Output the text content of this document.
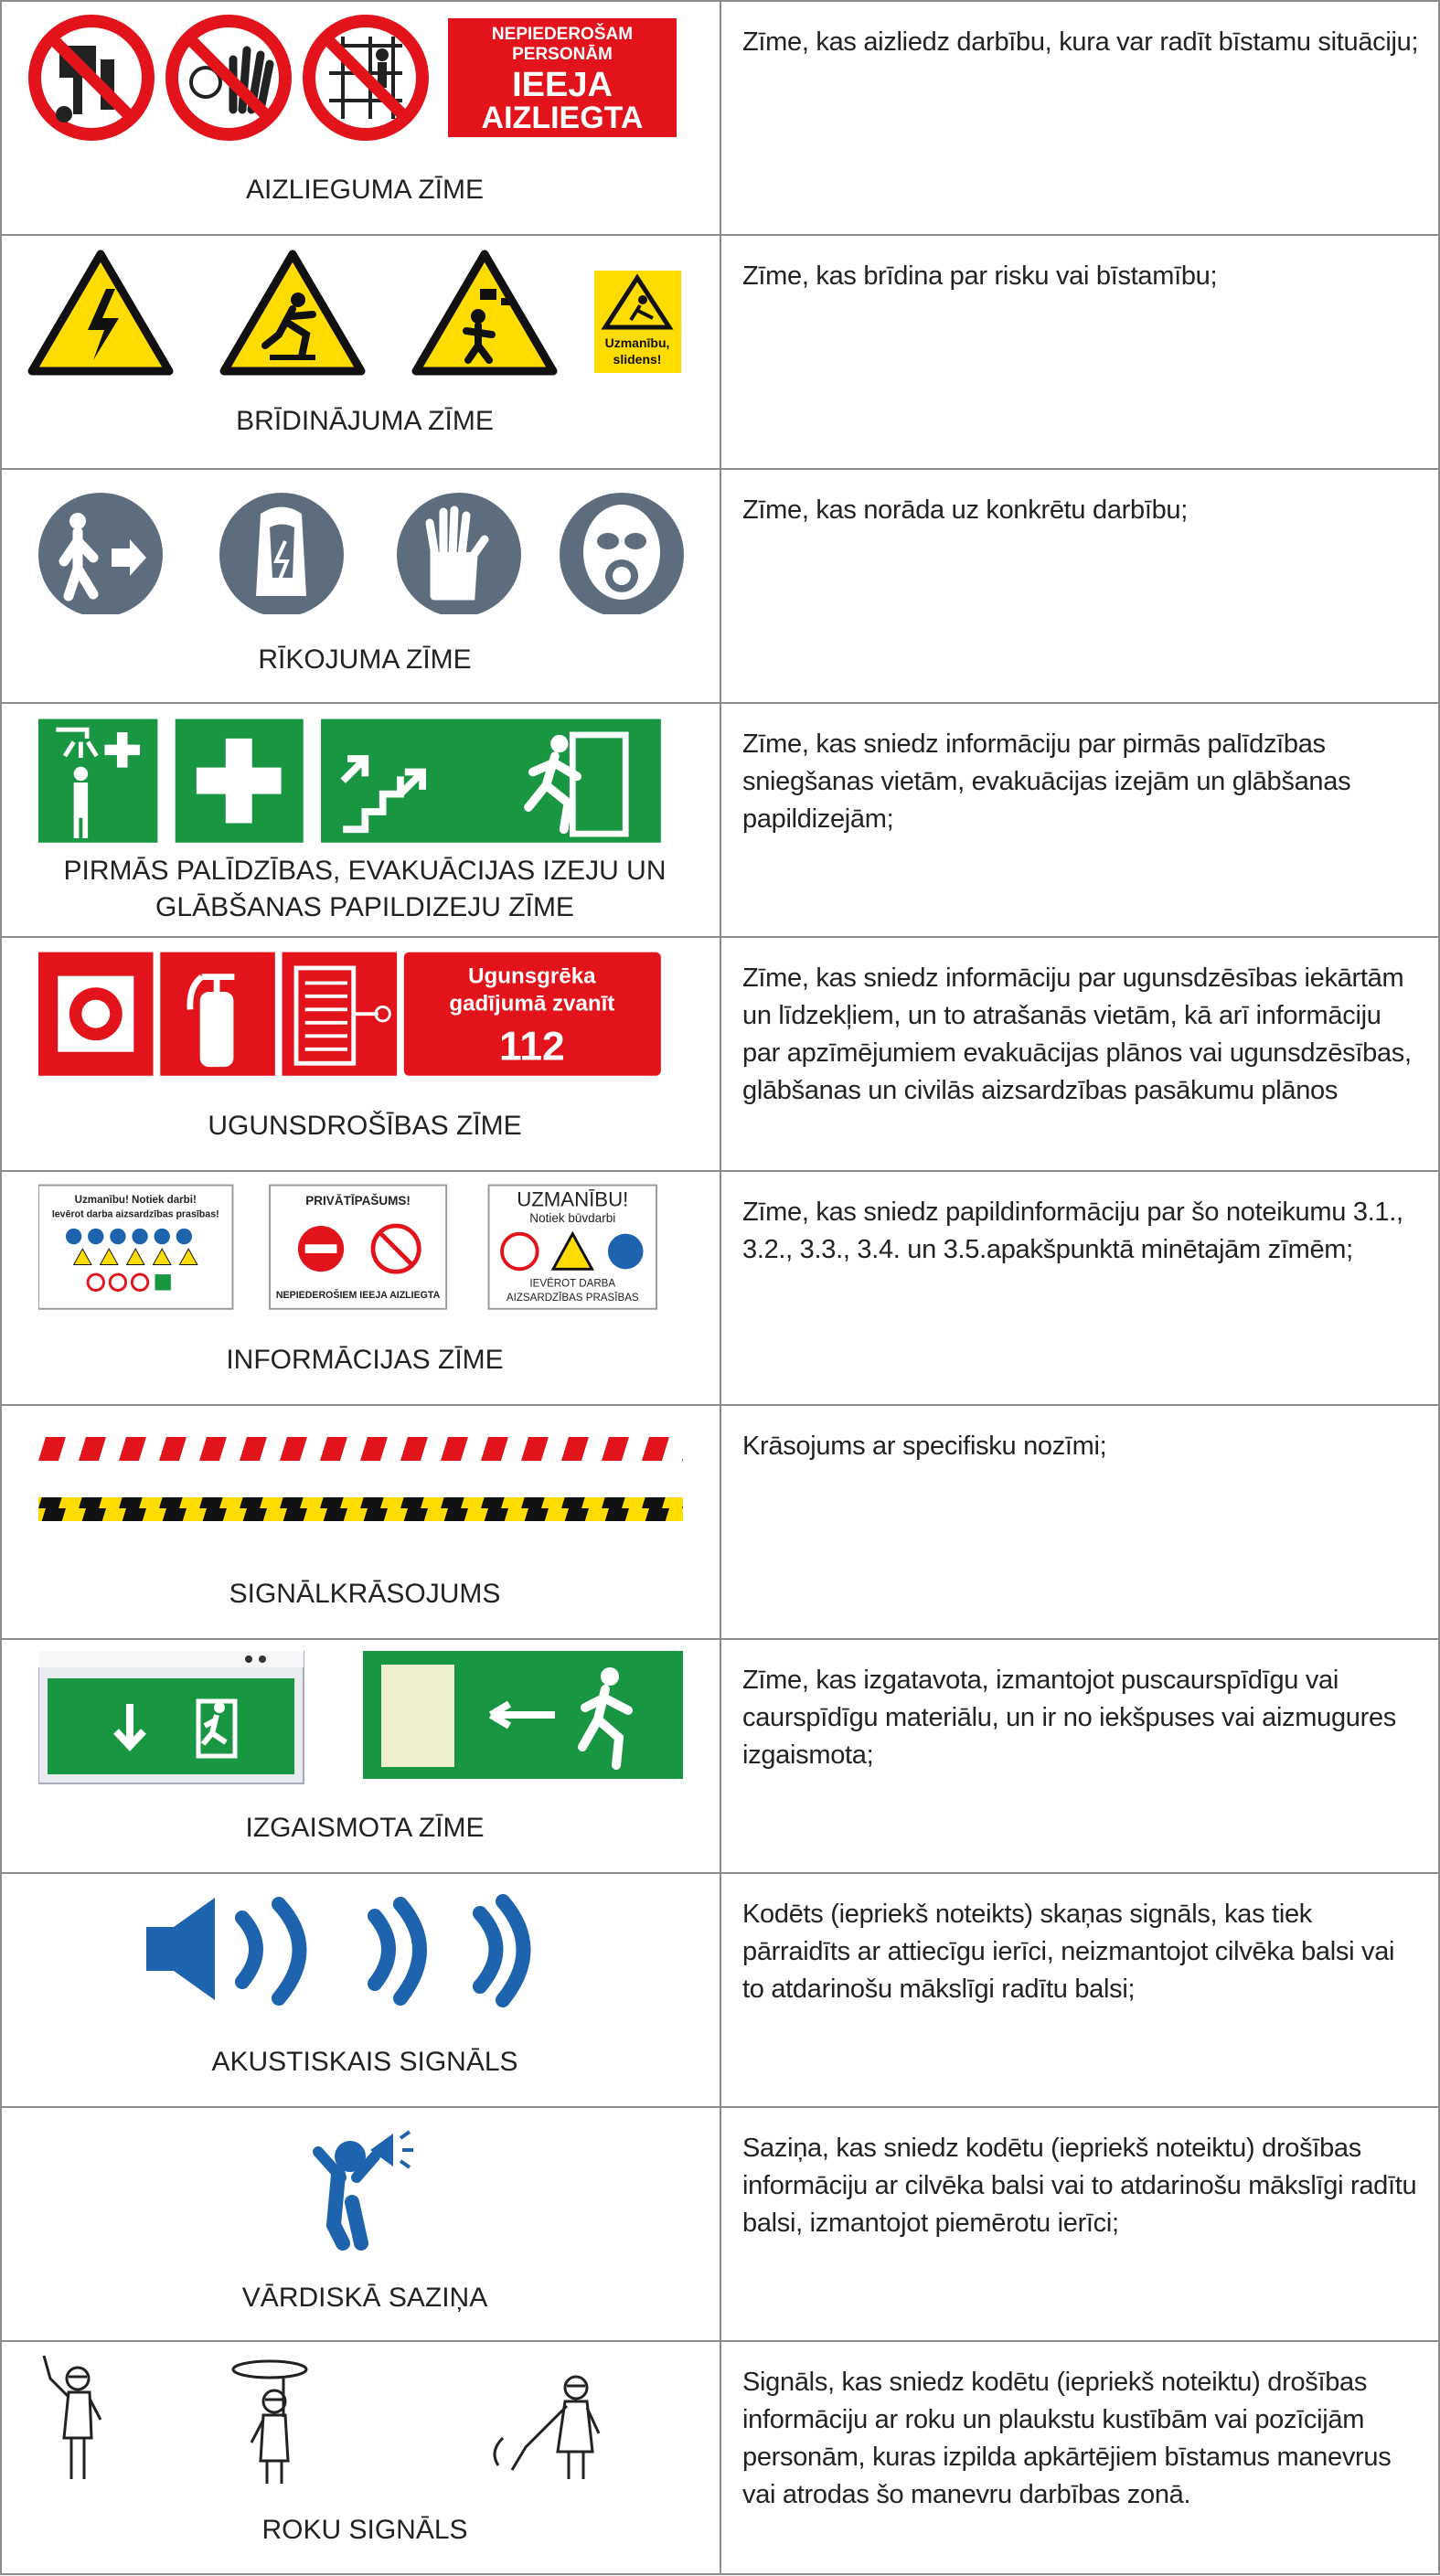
NEPIEDEROŠAM
PERSONĀM
IEEJA
AIZLIEGTA
AIZLIEGUMA ZĪME
Zīme, kas aizliedz darbību, kura var radīt bīstamu situāciju;
Uzmanību,
slidens!
BRĪDINĀJUMA ZĪME
Zīme, kas brīdina par risku vai bīstamību;
RĪKOJUMA ZĪME
Zīme, kas norāda uz konkrētu darbību;
PIRMĀS PALĪDZĪBAS, EVAKUĀCIJAS IZEJU UN GLĀBŠANAS PAPILDIZEJU ZĪME
Zīme, kas sniedz informāciju par pirmās palīdzības sniegšanas vietām, evakuācijas izejām un glābšanas papildizejām;
Ugunsgrēka
gadījumā zvanīt
112
UGUNSDROŠĪBAS ZĪME
Zīme, kas sniedz informāciju par ugunsdzēsības iekārtām un līdzekļiem, un to atrašanās vietām, kā arī informāciju par apzīmējumiem evakuācijas plānos vai ugunsdzēsības, glābšanas un civilās aizsardzības pasākumu plānos
Uzmanību! Notiek darbi!
Ievērot darba aizsardzības prasības!
PRIVĀTĪPAŠUMS!
NEPIEDEROŠIEM IEEJA AIZLIEGTA
UZMANĪBU!
Notiek būvdarbi
IEVĒROT DARBA
AIZSARDZĪBAS PRASĪBAS
INFORMĀCIJAS ZĪME
Zīme, kas sniedz papildinformāciju par šo noteikumu 3.1., 3.2., 3.3., 3.4. un 3.5.apakšpunktā minētajām zīmēm;
SIGNĀLKRĀSOJUMS
Krāsojums ar specifisku nozīmi;
IZGAISMOTA ZĪME
Zīme, kas izgatavota, izmantojot puscaurspīdīgu vai caurspīdīgu materiālu, un ir no iekšpuses vai aizmugures izgaismota;
AKUSTISKAIS SIGNĀLS
Kodēts (iepriekš noteikts) skaņas signāls, kas tiek pārraidīts ar attiecīgu ierīci, neizmantojot cilvēka balsi vai to atdarinošu mākslīgi radītu balsi;
VĀRDISKĀ SAZIŅA
Saziņa, kas sniedz kodētu (iepriekš noteiktu) drošības informāciju ar cilvēka balsi vai to atdarinošu mākslīgi radītu balsi, izmantojot piemērotu ierīci;
ROKU SIGNĀLS
Signāls, kas sniedz kodētu (iepriekš noteiktu) drošības informāciju ar roku un plaukstu kustībām vai pozīcijām personām, kuras izpilda apkārtējiem bīstamus manevrus vai atrodas šo manevru darbības zonā.
